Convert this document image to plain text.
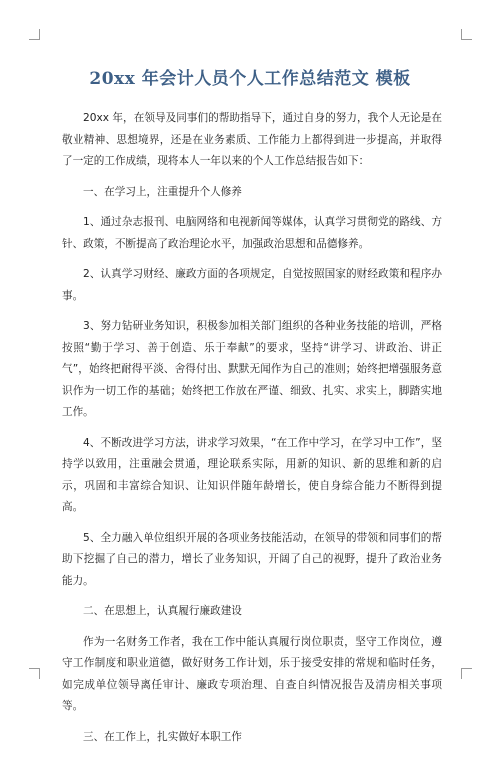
20xx 年会计人员个人工作总结范文 模板

20xx 年，在领导及同事们的帮助指导下，通过自身的努力，我个人无论是在敬业精神、思想境界，还是在业务素质、工作能力上都得到进一步提高，并取得了一定的工作成绩，现将本人一年以来的个人工作总结报告如下：

一、在学习上，注重提升个人修养

1、通过杂志报刊、电脑网络和电视新闻等媒体，认真学习贯彻党的路线、方针、政策，不断提高了政治理论水平，加强政治思想和品德修养。

2、认真学习财经、廉政方面的各项规定，自觉按照国家的财经政策和程序办事。

3、努力钻研业务知识，积极参加相关部门组织的各种业务技能的培训，严格按照“勤于学习、善于创造、乐于奉献”的要求，坚持“讲学习、讲政治、讲正气”，始终把耐得平淡、舍得付出、默默无闻作为自己的准则；始终把增强服务意识作为一切工作的基础；始终把工作放在严谨、细致、扎实、求实上，脚踏实地工作。

4、不断改进学习方法，讲求学习效果，“在工作中学习，在学习中工作”，坚持学以致用，注重融会贯通，理论联系实际，用新的知识、新的思维和新的启示，巩固和丰富综合知识、让知识伴随年龄增长，使自身综合能力不断得到提高。

5、全力融入单位组织开展的各项业务技能活动，在领导的带领和同事们的帮助下挖掘了自己的潜力，增长了业务知识，开阔了自己的视野，提升了政治业务能力。

二、在思想上，认真履行廉政建设

作为一名财务工作者，我在工作中能认真履行岗位职责，坚守工作岗位，遵守工作制度和职业道德，做好财务工作计划，乐于接受安排的常规和临时任务，如完成单位领导离任审计、廉政专项治理、自查自纠情况报告及清房相关事项等。

三、在工作上，扎实做好本职工作
